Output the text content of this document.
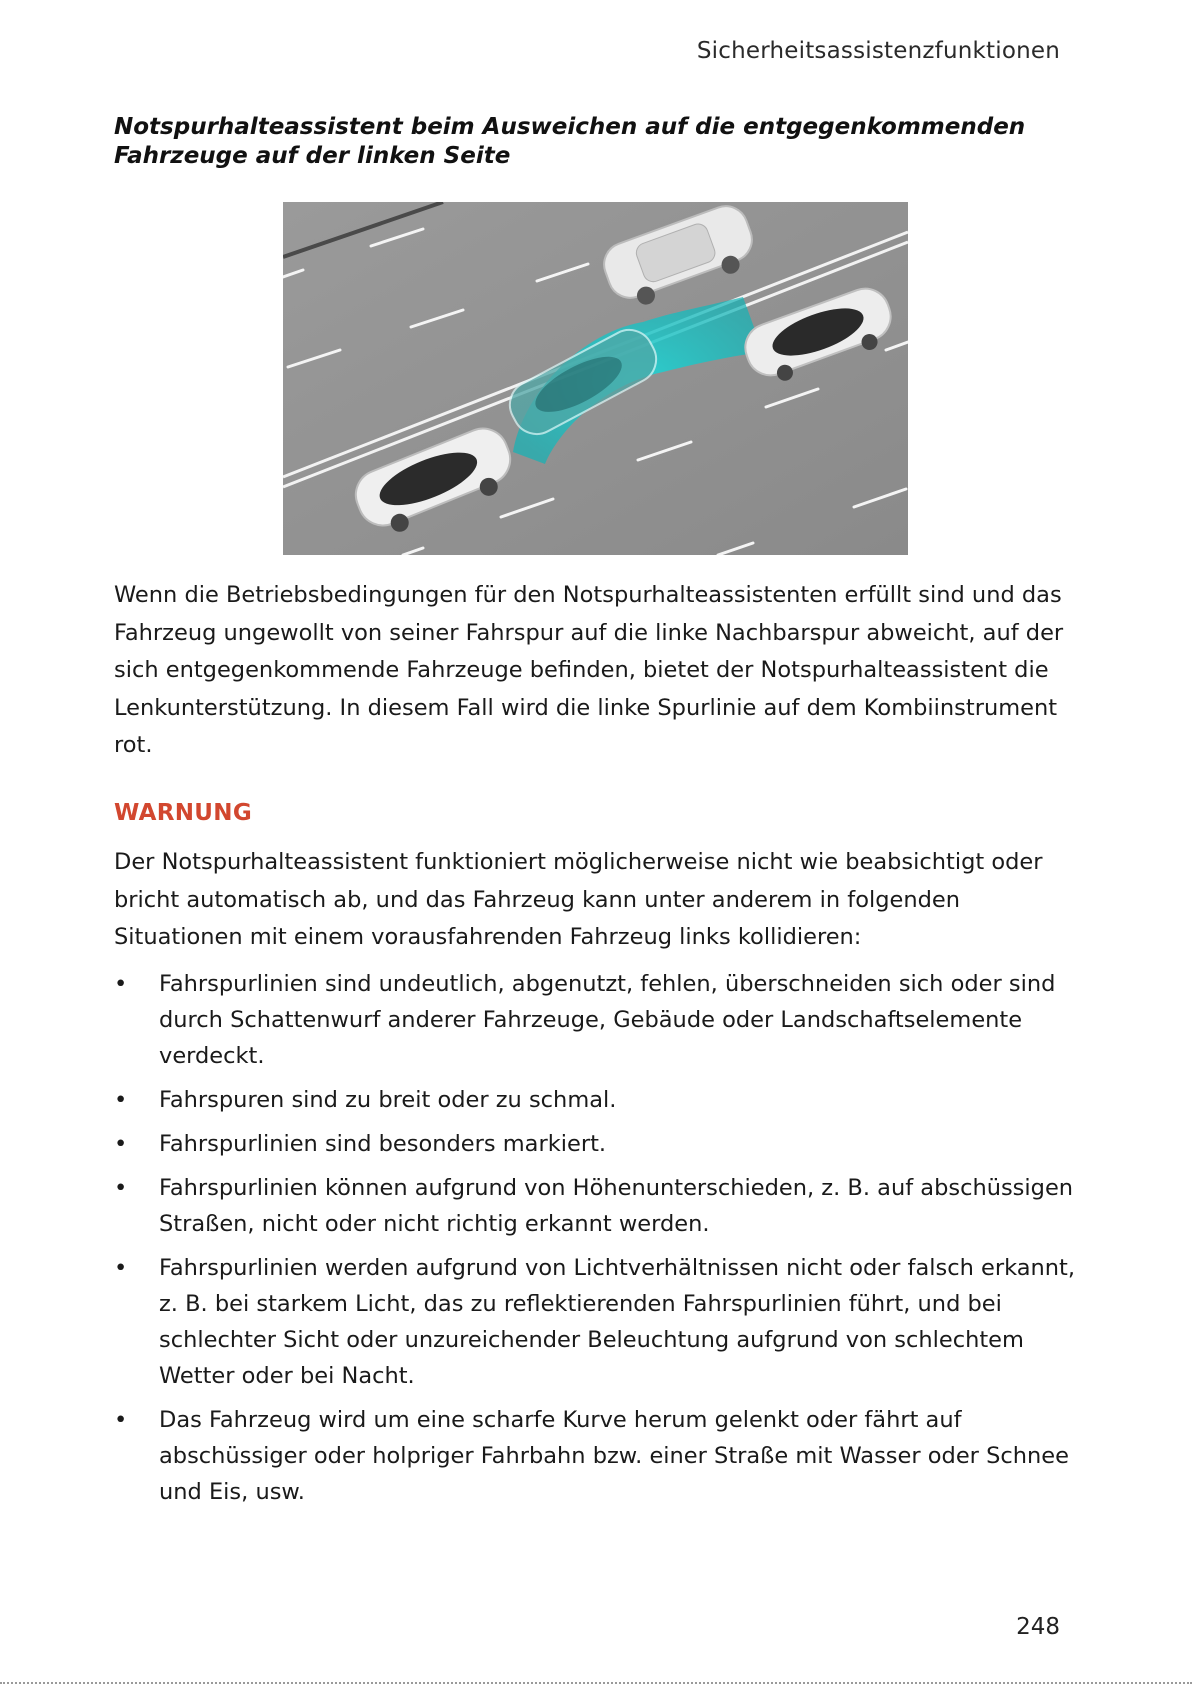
Sicherheitsassistenzfunktionen
Notspurhalteassistent beim Ausweichen auf die entgegenkommenden Fahrzeuge auf der linken Seite
Wenn die Betriebsbedingungen für den Notspurhalteassistenten erfüllt sind und das Fahrzeug ungewollt von seiner Fahrspur auf die linke Nachbarspur abweicht, auf der sich entgegenkommende Fahrzeuge befinden, bietet der Notspurhalteassistent die Lenkunterstützung. In diesem Fall wird die linke Spurlinie auf dem Kombiinstrument rot.
WARNUNG
Der Notspurhalteassistent funktioniert möglicherweise nicht wie beabsichtigt oder bricht automatisch ab, und das Fahrzeug kann unter anderem in folgenden Situationen mit einem vorausfahrenden Fahrzeug links kollidieren:
• Fahrspurlinien sind undeutlich, abgenutzt, fehlen, überschneiden sich oder sind durch Schattenwurf anderer Fahrzeuge, Gebäude oder Landschaftselemente verdeckt.
• Fahrspuren sind zu breit oder zu schmal.
• Fahrspurlinien sind besonders markiert.
• Fahrspurlinien können aufgrund von Höhenunterschieden, z. B. auf abschüssigen Straßen, nicht oder nicht richtig erkannt werden.
• Fahrspurlinien werden aufgrund von Lichtverhältnissen nicht oder falsch erkannt, z. B. bei starkem Licht, das zu reflektierenden Fahrspurlinien führt, und bei schlechter Sicht oder unzureichender Beleuchtung aufgrund von schlechtem Wetter oder bei Nacht.
• Das Fahrzeug wird um eine scharfe Kurve herum gelenkt oder fährt auf abschüssiger oder holpriger Fahrbahn bzw. einer Straße mit Wasser oder Schnee und Eis, usw.
248
